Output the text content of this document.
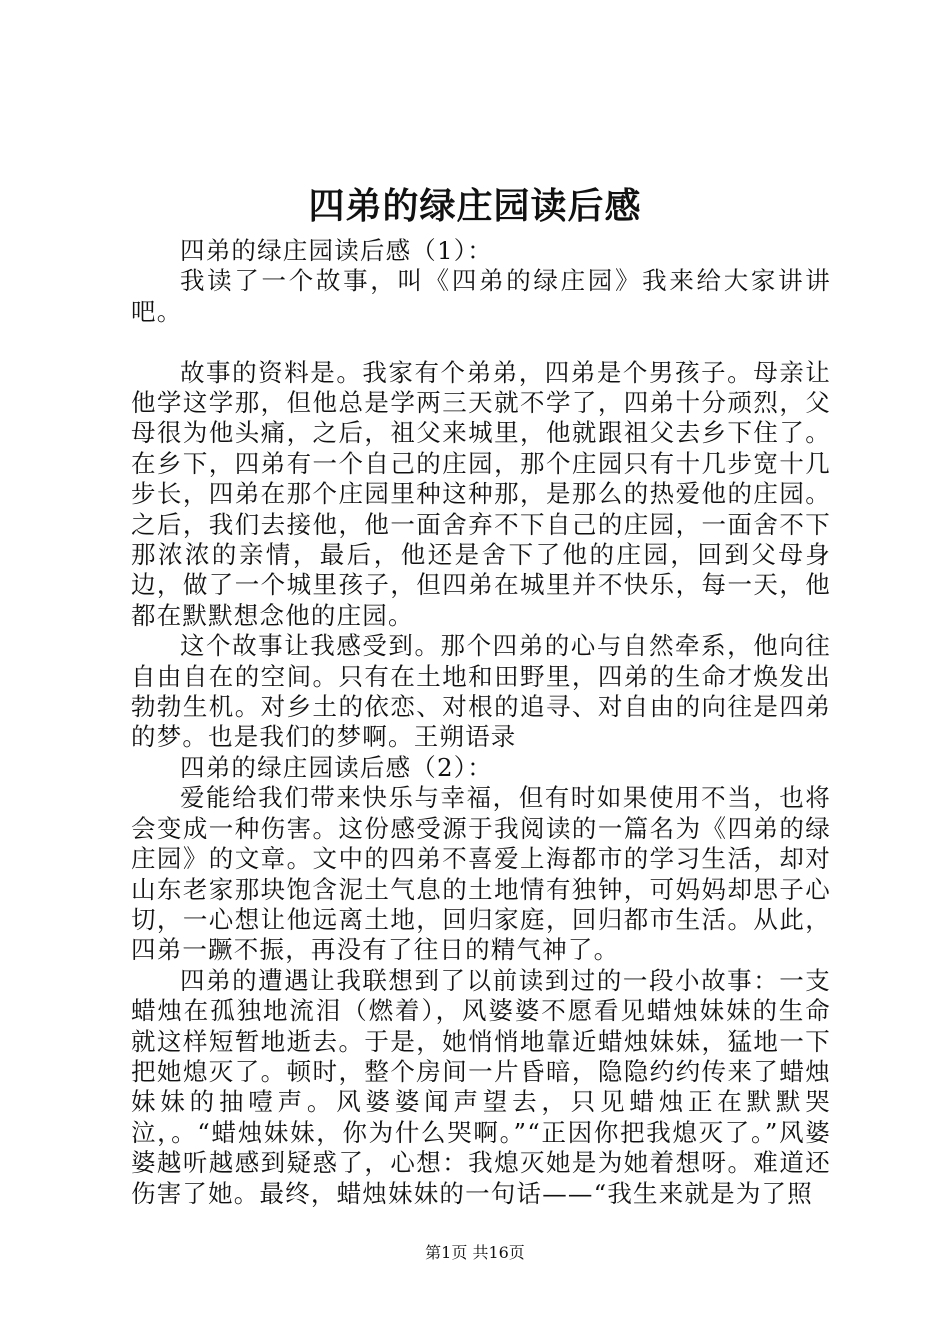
四弟的绿庄园读后感

四弟的绿庄园读后感（1）：

我读了一个故事，叫《四弟的绿庄园》我来给大家讲讲吧。

故事的资料是。我家有个弟弟，四弟是个男孩子。母亲让他学这学那，但他总是学两三天就不学了，四弟十分顽烈，父母很为他头痛，之后，祖父来城里，他就跟祖父去乡下住了。在乡下，四弟有一个自己的庄园，那个庄园只有十几步宽十几步长，四弟在那个庄园里种这种那，是那么的热爱他的庄园。之后，我们去接他，他一面舍弃不下自己的庄园，一面舍不下那浓浓的亲情，最后，他还是舍下了他的庄园，回到父母身边，做了一个城里孩子，但四弟在城里并不快乐，每一天，他都在默默想念他的庄园。

这个故事让我感受到。那个四弟的心与自然牵系，他向往自由自在的空间。只有在土地和田野里，四弟的生命才焕发出勃勃生机。对乡土的依恋、对根的追寻、对自由的向往是四弟的梦。也是我们的梦啊。王朔语录

四弟的绿庄园读后感（2）：

爱能给我们带来快乐与幸福，但有时如果使用不当，也将会变成一种伤害。这份感受源于我阅读的一篇名为《四弟的绿庄园》的文章。文中的四弟不喜爱上海都市的学习生活，却对山东老家那块饱含泥土气息的土地情有独钟，可妈妈却思子心切，一心想让他远离土地，回归家庭，回归都市生活。从此，四弟一蹶不振，再没有了往日的精气神了。

四弟的遭遇让我联想到了以前读到过的一段小故事：一支蜡烛在孤独地流泪（燃着），风婆婆不愿看见蜡烛妹妹的生命就这样短暂地逝去。于是，她悄悄地靠近蜡烛妹妹，猛地一下把她熄灭了。顿时，整个房间一片昏暗，隐隐约约传来了蜡烛妹妹的抽噎声。风婆婆闻声望去，只见蜡烛正在默默哭泣，。“蜡烛妹妹，你为什么哭啊。”“正因你把我熄灭了。”风婆婆越听越感到疑惑了，心想：我熄灭她是为她着想呀。难道还伤害了她。最终，蜡烛妹妹的一句话——“我生来就是为了照

第1页 共16页
